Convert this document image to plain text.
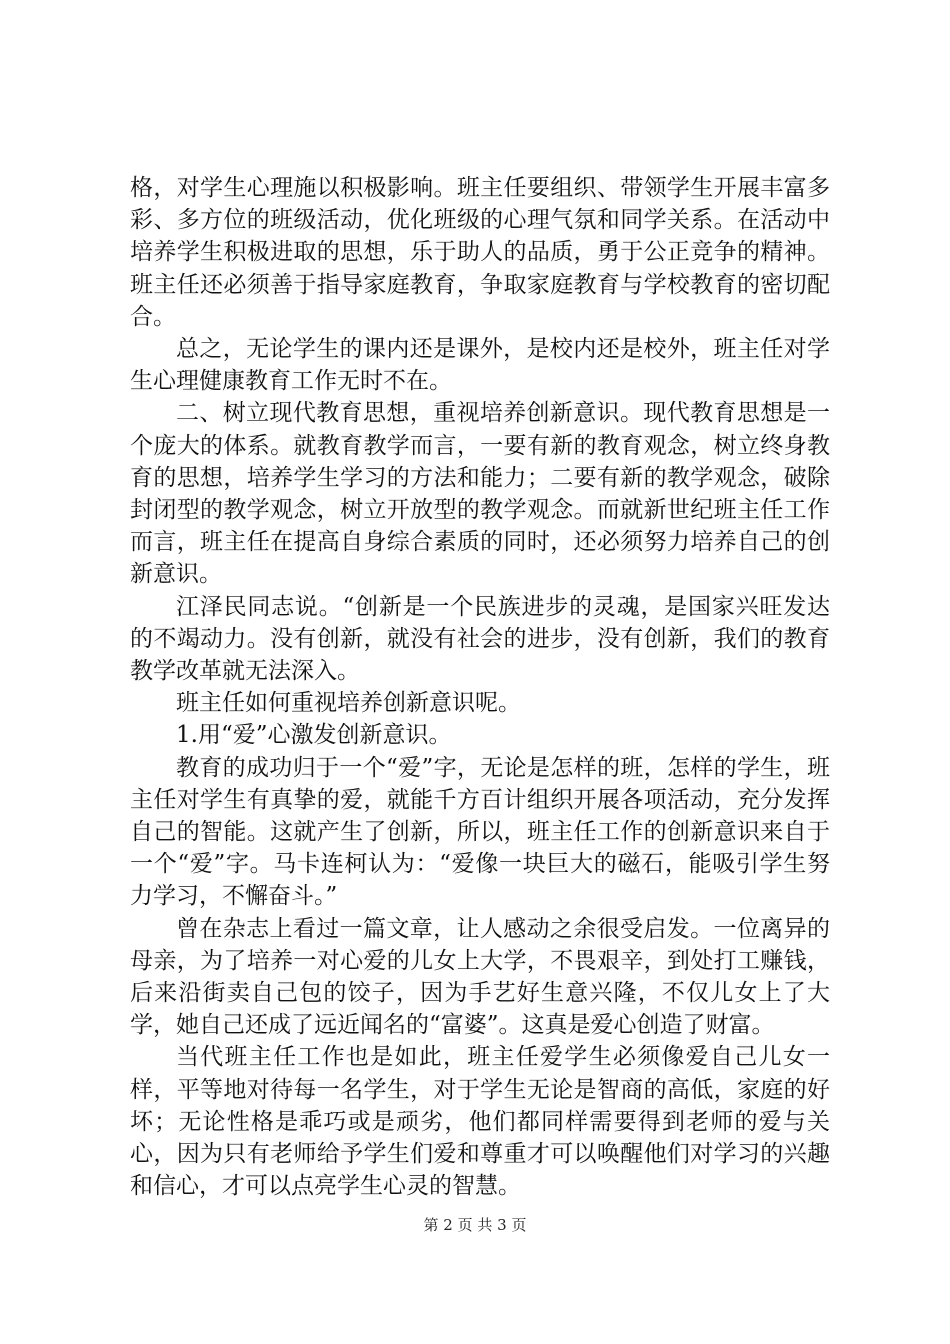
格，对学生心理施以积极影响。班主任要组织、带领学生开展丰富多彩、多方位的班级活动，优化班级的心理气氛和同学关系。在活动中培养学生积极进取的思想，乐于助人的品质，勇于公正竞争的精神。班主任还必须善于指导家庭教育，争取家庭教育与学校教育的密切配合。

总之，无论学生的课内还是课外，是校内还是校外，班主任对学生心理健康教育工作无时不在。

二、树立现代教育思想，重视培养创新意识。现代教育思想是一个庞大的体系。就教育教学而言，一要有新的教育观念，树立终身教育的思想，培养学生学习的方法和能力；二要有新的教学观念，破除封闭型的教学观念，树立开放型的教学观念。而就新世纪班主任工作而言，班主任在提高自身综合素质的同时，还必须努力培养自己的创新意识。

江泽民同志说。“创新是一个民族进步的灵魂，是国家兴旺发达的不竭动力。没有创新，就没有社会的进步，没有创新，我们的教育教学改革就无法深入。

班主任如何重视培养创新意识呢。

1.用“爱”心激发创新意识。

教育的成功归于一个“爱”字，无论是怎样的班，怎样的学生，班主任对学生有真挚的爱，就能千方百计组织开展各项活动，充分发挥自己的智能。这就产生了创新，所以，班主任工作的创新意识来自于一个“爱”字。马卡连柯认为：“爱像一块巨大的磁石，能吸引学生努力学习，不懈奋斗。”

曾在杂志上看过一篇文章，让人感动之余很受启发。一位离异的母亲，为了培养一对心爱的儿女上大学，不畏艰辛，到处打工赚钱，后来沿街卖自己包的饺子，因为手艺好生意兴隆，不仅儿女上了大学，她自己还成了远近闻名的“富婆”。这真是爱心创造了财富。

当代班主任工作也是如此，班主任爱学生必须像爱自己儿女一样，平等地对待每一名学生，对于学生无论是智商的高低，家庭的好坏；无论性格是乖巧或是顽劣，他们都同样需要得到老师的爱与关心，因为只有老师给予学生们爱和尊重才可以唤醒他们对学习的兴趣和信心，才可以点亮学生心灵的智慧。

第 2 页 共 3 页
